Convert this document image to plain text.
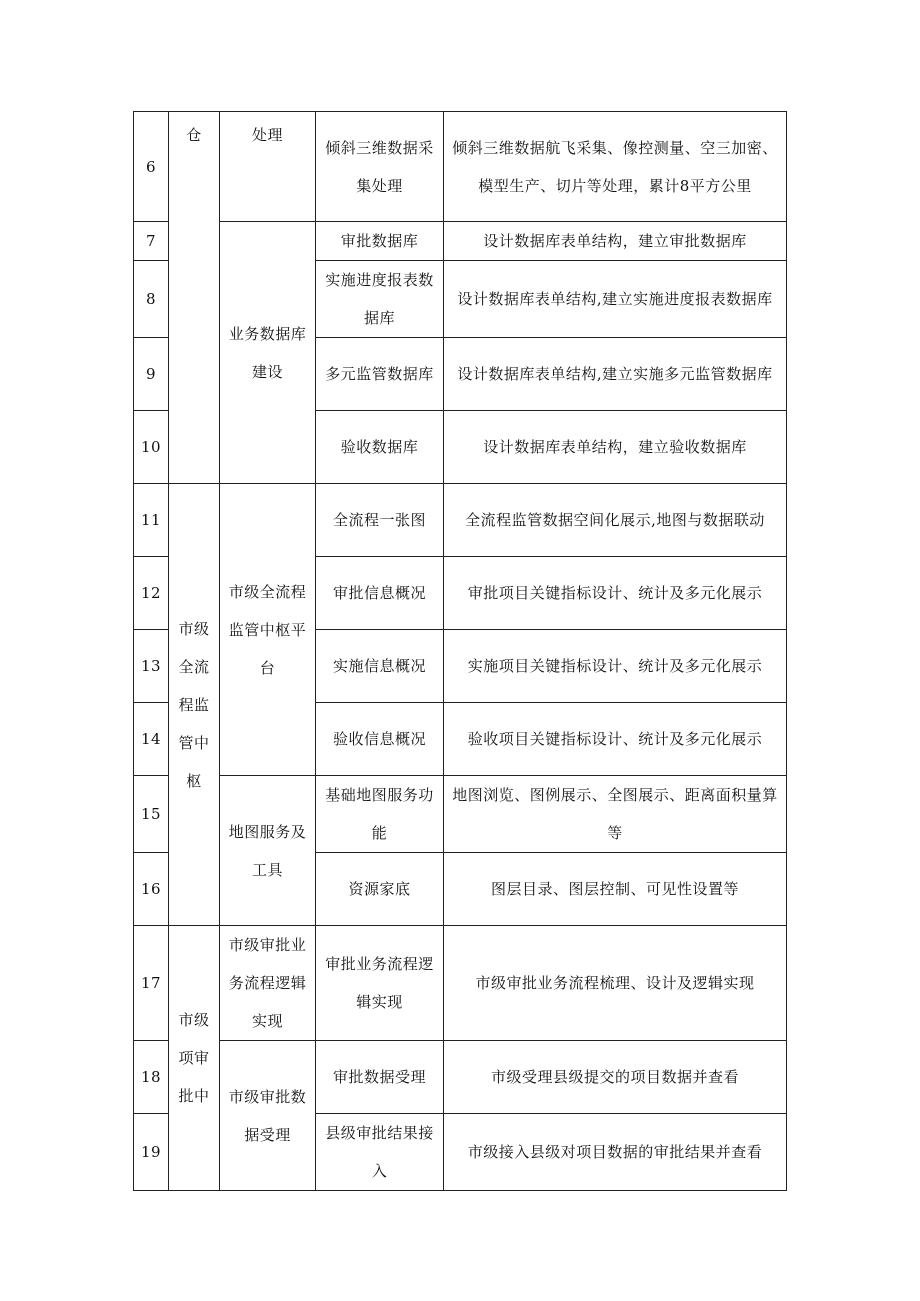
6	仓	处理	倾斜三维数据采集处理	倾斜三维数据航飞采集、像控测量、空三加密、模型生产、切片等处理，累计8平方公里
7		业务数据库建设	审批数据库	设计数据库表单结构，建立审批数据库
8			实施进度报表数据库	设计数据库表单结构,建立实施进度报表数据库
9			多元监管数据库	设计数据库表单结构,建立实施多元监管数据库
10			验收数据库	设计数据库表单结构，建立验收数据库
11	市级全流程监管中枢	市级全流程监管中枢平台	全流程一张图	全流程监管数据空间化展示,地图与数据联动
12			审批信息概况	审批项目关键指标设计、统计及多元化展示
13			实施信息概况	实施项目关键指标设计、统计及多元化展示
14			验收信息概况	验收项目关键指标设计、统计及多元化展示
15		地图服务及工具	基础地图服务功能	地图浏览、图例展示、全图展示、距离面积量算等
16			资源家底	图层目录、图层控制、可见性设置等
17	市级项审批中	市级审批业务流程逻辑实现	审批业务流程逻辑实现	市级审批业务流程梳理、设计及逻辑实现
18		市级审批数据受理	审批数据受理	市级受理县级提交的项目数据并查看
19			县级审批结果接入	市级接入县级对项目数据的审批结果并查看
